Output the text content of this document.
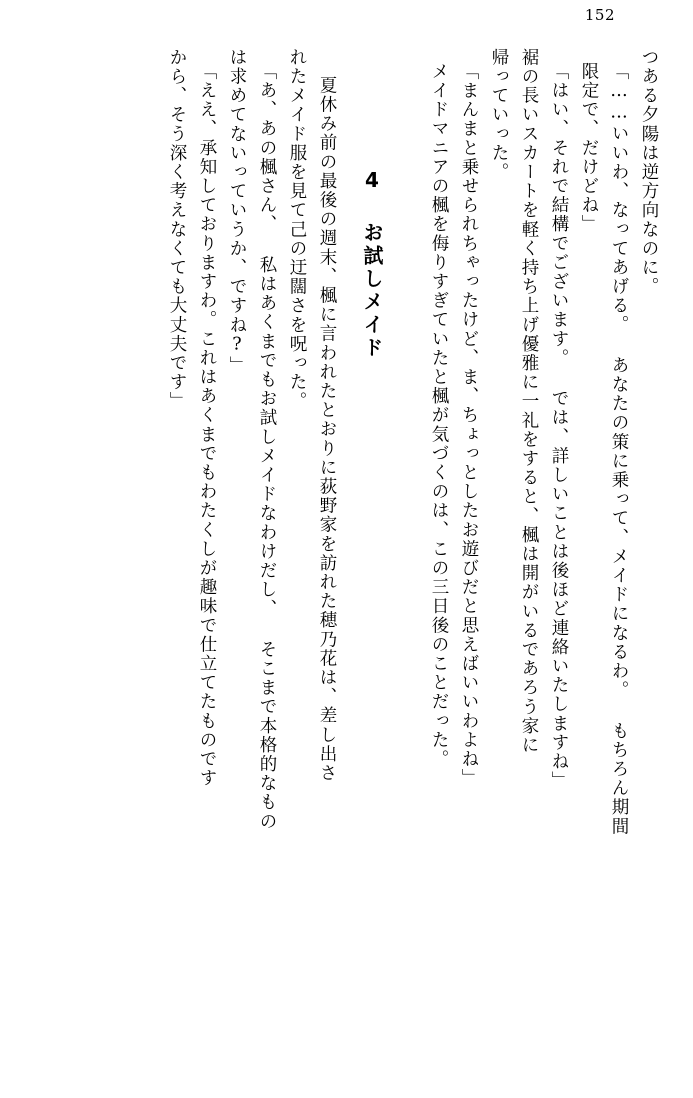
152
つある夕陽は逆方向なのに。
「……いいわ、なってあげる。 あなたの策に乗って、メイドになるわ。 もちろん期間
限定で、だけどね」
「はい、それで結構でございます。 では、詳しいことは後ほど連絡いたしますね」
裾の長いスカートを軽く持ち上げ優雅に一礼をすると、楓は開がいるであろう家に
帰っていった。
「まんまと乗せられちゃったけど、ま、ちょっとしたお遊びだと思えばいいわよね」
メイドマニアの楓を侮りすぎていたと楓が気づくのは、この三日後のことだった。
4 お試しメイド
夏休み前の最後の週末、楓に言われたとおりに荻野家を訪れた穂乃花は、差し出さ
れたメイド服を見て己の迂闊さを呪った。
「あ、あの楓さん、 私はあくまでもお試しメイドなわけだし、 そこまで本格的なもの
は求めてないっていうか、ですね?」
「ええ、承知しておりますわ。これはあくまでもわたくしが趣味で仕立てたものです
から、そう深く考えなくても大丈夫です」
